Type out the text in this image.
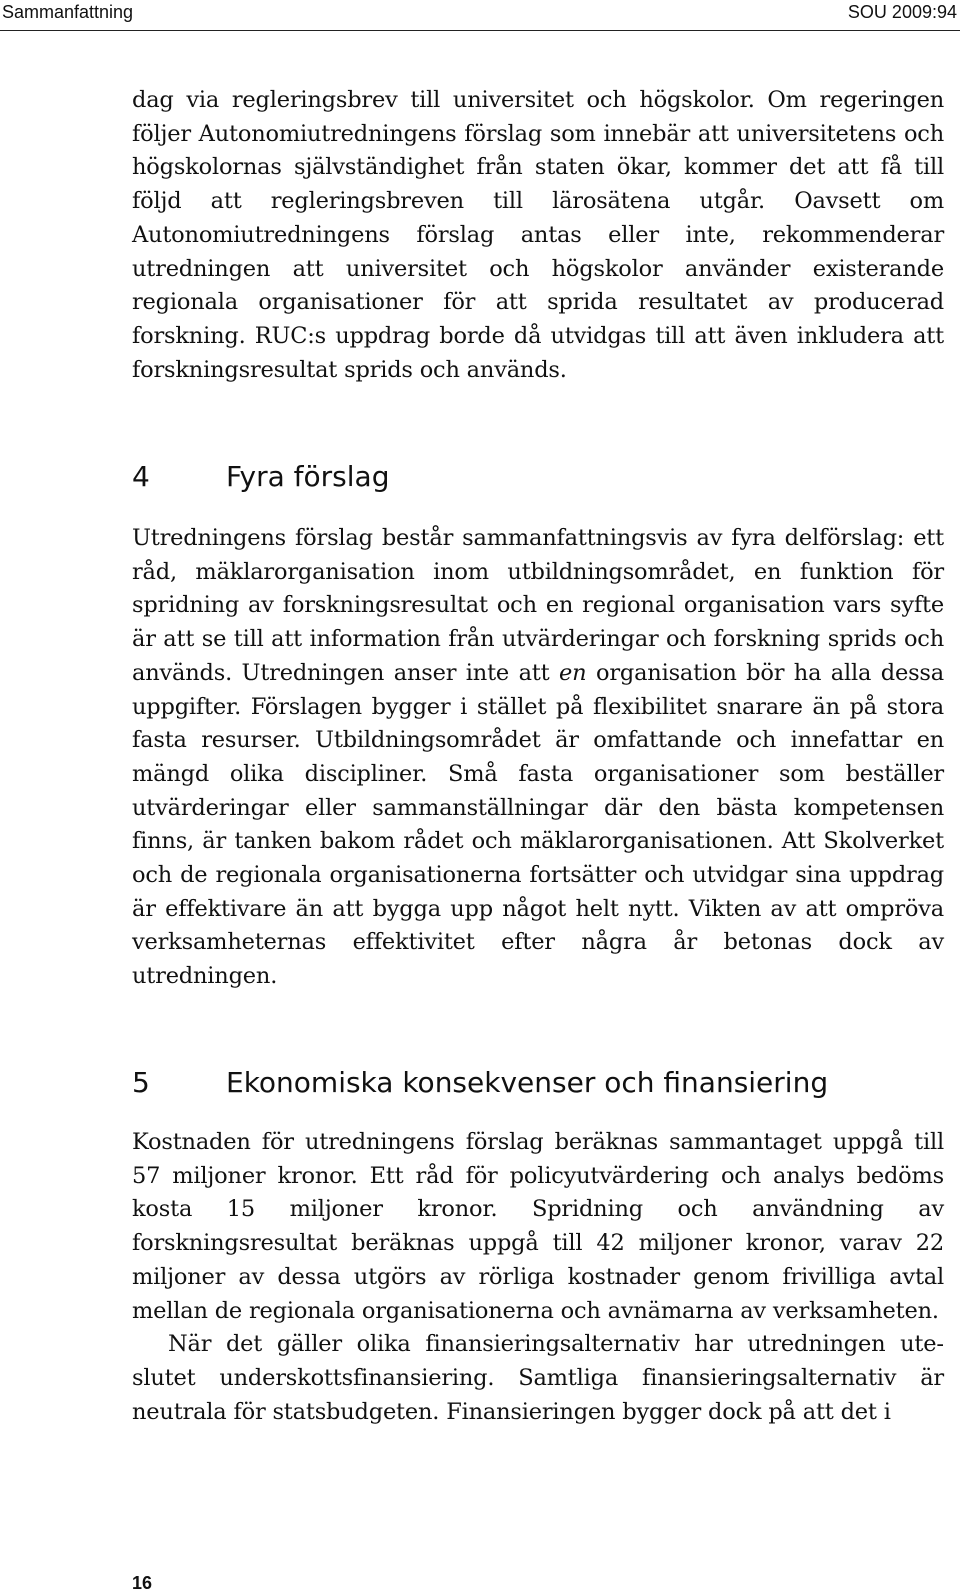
Sammanfattning	SOU 2009:94

dag via regleringsbrev till universitet och högskolor. Om regeringen följer Autonomiutredningens förslag som innebär att universitetens och högskolornas självständighet från staten ökar, kommer det att få till följd att regleringsbreven till lärosätena utgår. Oavsett om Autonomiutredningens förslag antas eller inte, rekommenderar utredningen att universitet och högskolor använder existerande regionala organisationer för att sprida resultatet av producerad forskning. RUC:s uppdrag borde då utvidgas till att även inkludera att forskningsresultat sprids och används.

4	Fyra förslag

Utredningens förslag består sammanfattningsvis av fyra delförslag: ett råd, mäklarorganisation inom utbildningsområdet, en funktion för spridning av forskningsresultat och en regional organisation vars syfte är att se till att information från utvärderingar och forskning sprids och används. Utredningen anser inte att en organisation bör ha alla dessa uppgifter. Förslagen bygger i stället på flexibilitet snarare än på stora fasta resurser. Utbildningsområdet är omfattande och innefattar en mängd olika discipliner. Små fasta organisationer som beställer utvärderingar eller sammanställningar där den bästa kompetensen finns, är tanken bakom rådet och mäklarorganisationen. Att Skolverket och de regionala organisationerna fortsätter och utvidgar sina uppdrag är effektivare än att bygga upp något helt nytt. Vikten av att ompröva verksamheternas effektivitet efter några år betonas dock av utredningen.

5	Ekonomiska konsekvenser och finansiering

Kostnaden för utredningens förslag beräknas sammantaget uppgå till 57 miljoner kronor. Ett råd för policyutvärdering och analys bedöms kosta 15 miljoner kronor. Spridning och användning av forskningsresultat beräknas uppgå till 42 miljoner kronor, varav 22 miljoner av dessa utgörs av rörliga kostnader genom frivilliga avtal mellan de regionala organisationerna och avnämarna av verksamheten.

När det gäller olika finansieringsalternativ har utredningen uteslutet underskottsfinansiering. Samtliga finansieringsalternativ är neutrala för statsbudgeten. Finansieringen bygger dock på att det i

16
